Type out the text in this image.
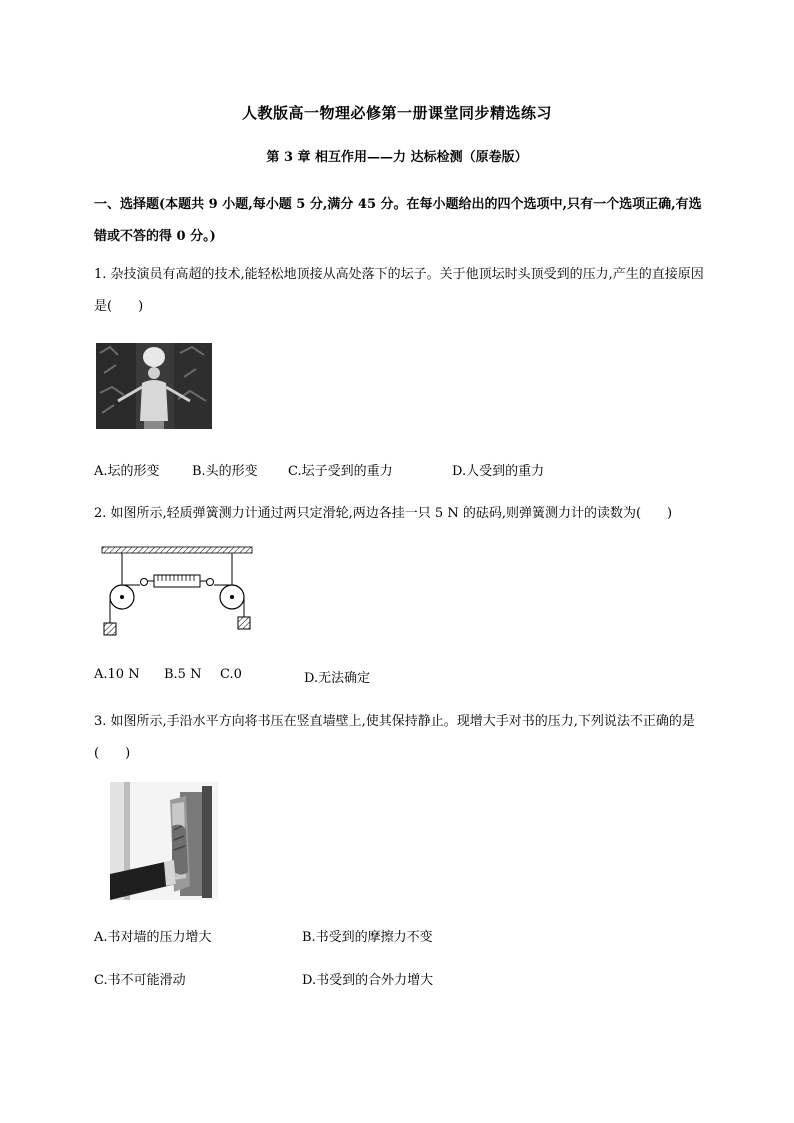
人教版高一物理必修第一册课堂同步精选练习
第 3 章 相互作用——力 达标检测（原卷版）
一、选择题(本题共 9 小题,每小题 5 分,满分 45 分。在每小题给出的四个选项中,只有一个选项正确,有选错或不答的得 0 分。)
1. 杂技演员有高超的技术,能轻松地顶接从高处落下的坛子。关于他顶坛时头顶受到的压力,产生的直接原因是(　　)
A.坛的形变 B.头的形变 C.坛子受到的重力	D.人受到的重力
2. 如图所示,轻质弹簧测力计通过两只定滑轮,两边各挂一只 5 N 的砝码,则弹簧测力计的读数为(　　)
A.10 N B.5 N C.0	D.无法确定
3. 如图所示,手沿水平方向将书压在竖直墙壁上,使其保持静止。现增大手对书的压力,下列说法不正确的是(　　)
A.书对墙的压力增大	B.书受到的摩擦力不变
C.书不可能滑动	D.书受到的合外力增大
